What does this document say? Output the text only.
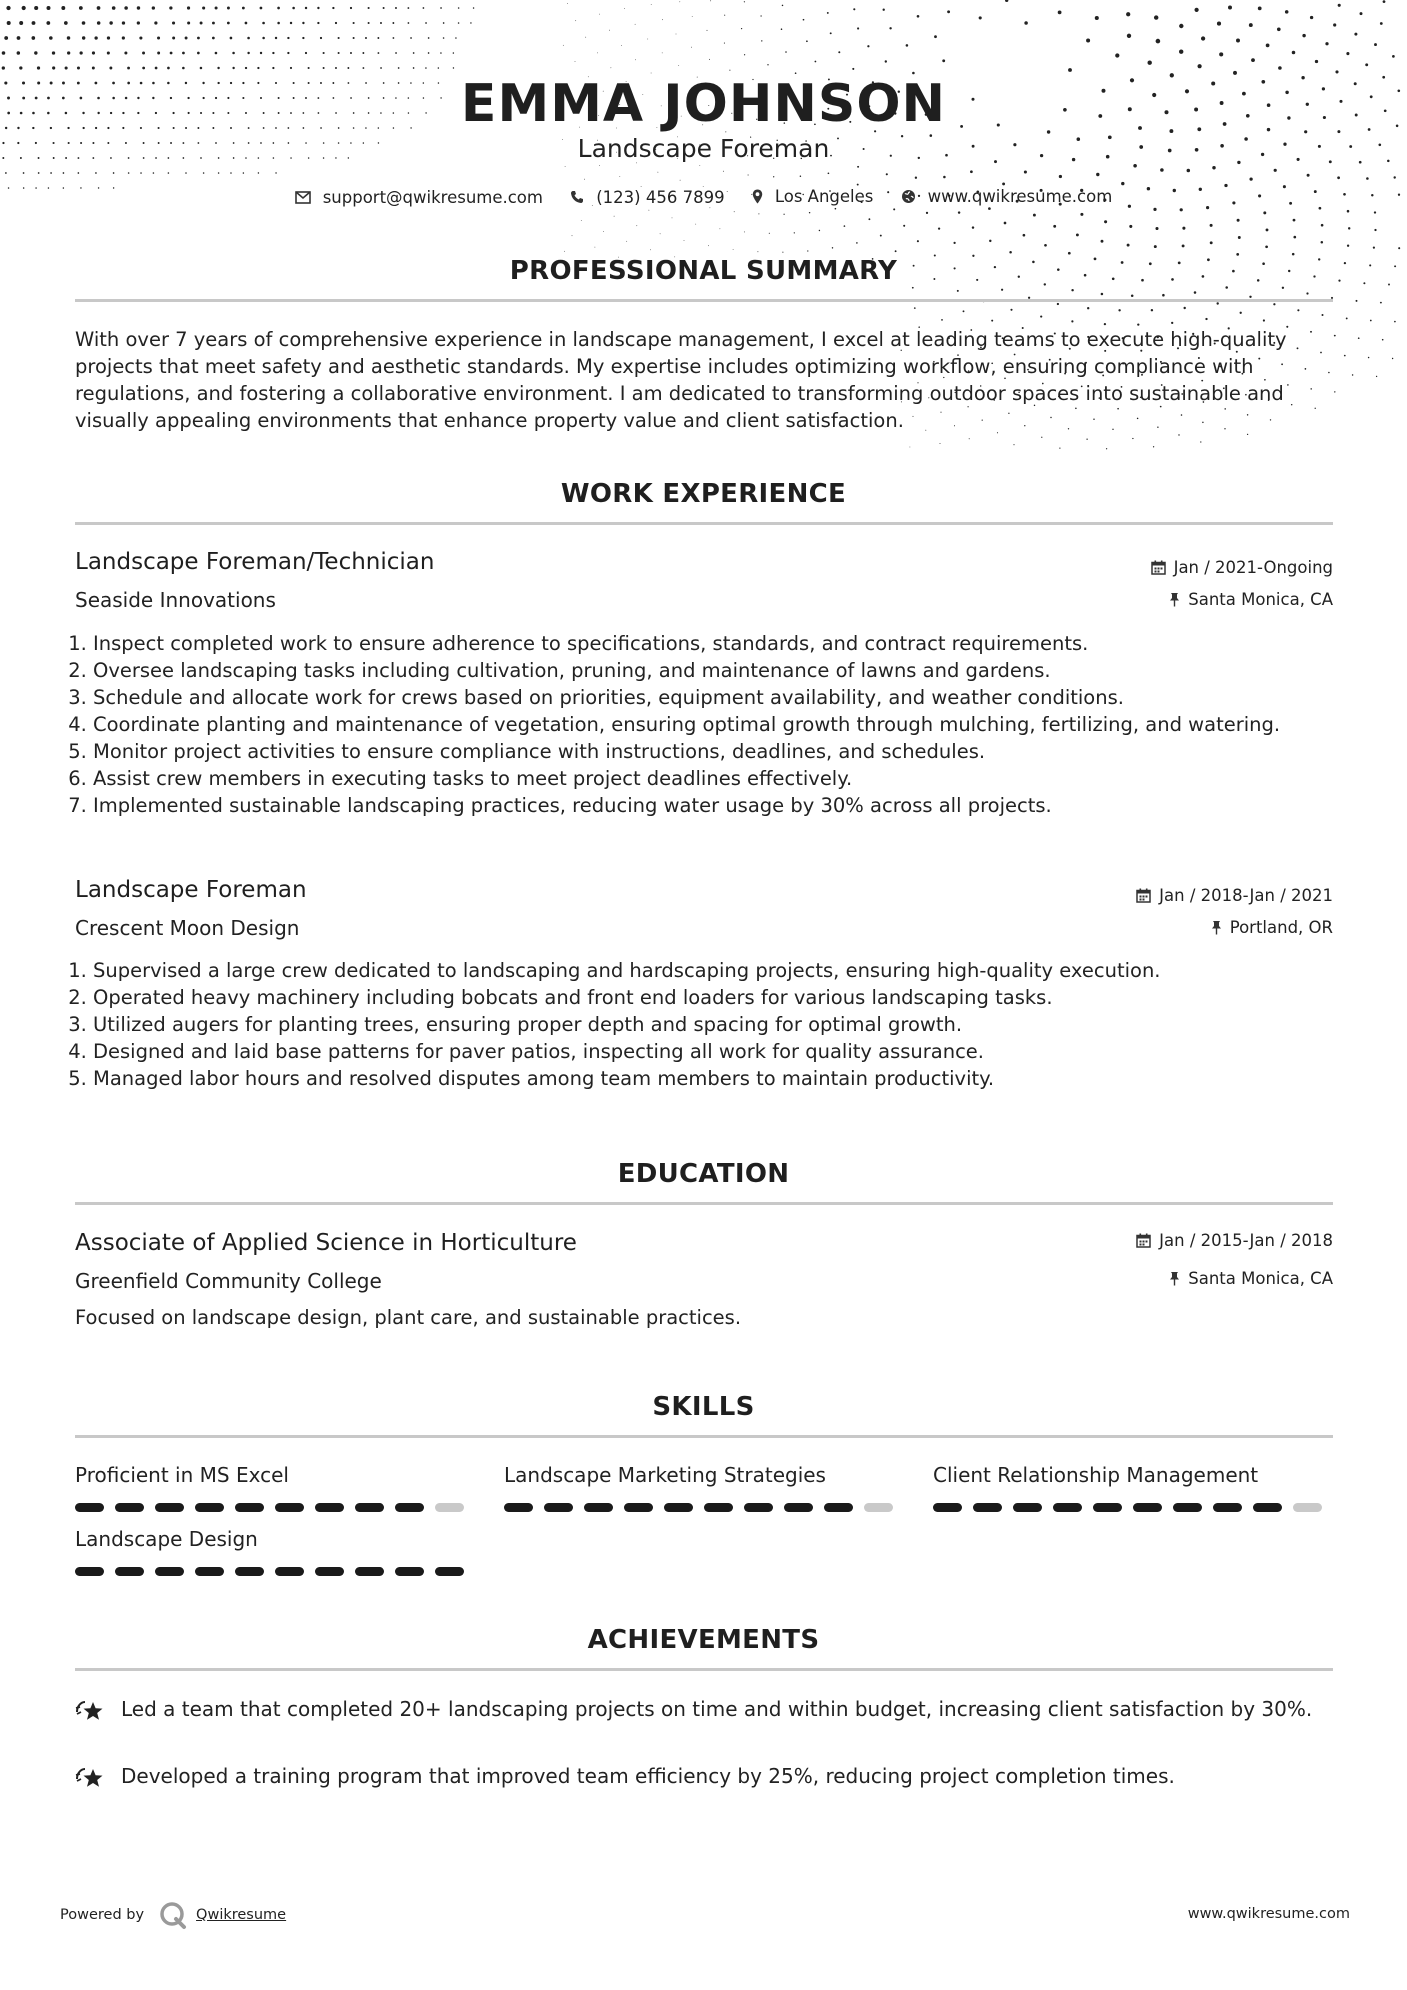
EMMA JOHNSON
Landscape Foreman
support@qwikresume.com
	(123) 456 7899
	Los Angeles
	www.qwikresume.com
PROFESSIONAL SUMMARY
With over 7 years of comprehensive experience in landscape management, I excel at leading teams to execute high-quality projects that meet safety and aesthetic standards. My expertise includes optimizing workflow, ensuring compliance with regulations, and fostering a collaborative environment. I am dedicated to transforming outdoor spaces into sustainable and visually appealing environments that enhance property value and client satisfaction.
WORK EXPERIENCE
Landscape Foreman/Technician
Seaside Innovations
Jan / 2021-Ongoing
Santa Monica, CA
1. Inspect completed work to ensure adherence to specifications, standards, and contract requirements.
2. Oversee landscaping tasks including cultivation, pruning, and maintenance of lawns and gardens.
3. Schedule and allocate work for crews based on priorities, equipment availability, and weather conditions.
4. Coordinate planting and maintenance of vegetation, ensuring optimal growth through mulching, fertilizing, and watering.
5. Monitor project activities to ensure compliance with instructions, deadlines, and schedules.
6. Assist crew members in executing tasks to meet project deadlines effectively.
7. Implemented sustainable landscaping practices, reducing water usage by 30% across all projects.
Landscape Foreman
Crescent Moon Design
Jan / 2018-Jan / 2021
Portland, OR
1. Supervised a large crew dedicated to landscaping and hardscaping projects, ensuring high-quality execution.
2. Operated heavy machinery including bobcats and front end loaders for various landscaping tasks.
3. Utilized augers for planting trees, ensuring proper depth and spacing for optimal growth.
4. Designed and laid base patterns for paver patios, inspecting all work for quality assurance.
5. Managed labor hours and resolved disputes among team members to maintain productivity.
EDUCATION
Associate of Applied Science in Horticulture
Greenfield Community College
Jan / 2015-Jan / 2018
Santa Monica, CA
Focused on landscape design, plant care, and sustainable practices.
SKILLS
Proficient in MS Excel	Landscape Marketing Strategies	Client Relationship Management
Landscape Design
ACHIEVEMENTS
Led a team that completed 20+ landscaping projects on time and within budget, increasing client satisfaction by 30%.
Developed a training program that improved team efficiency by 25%, reducing project completion times.
Powered by	Qwikresume	www.qwikresume.com
